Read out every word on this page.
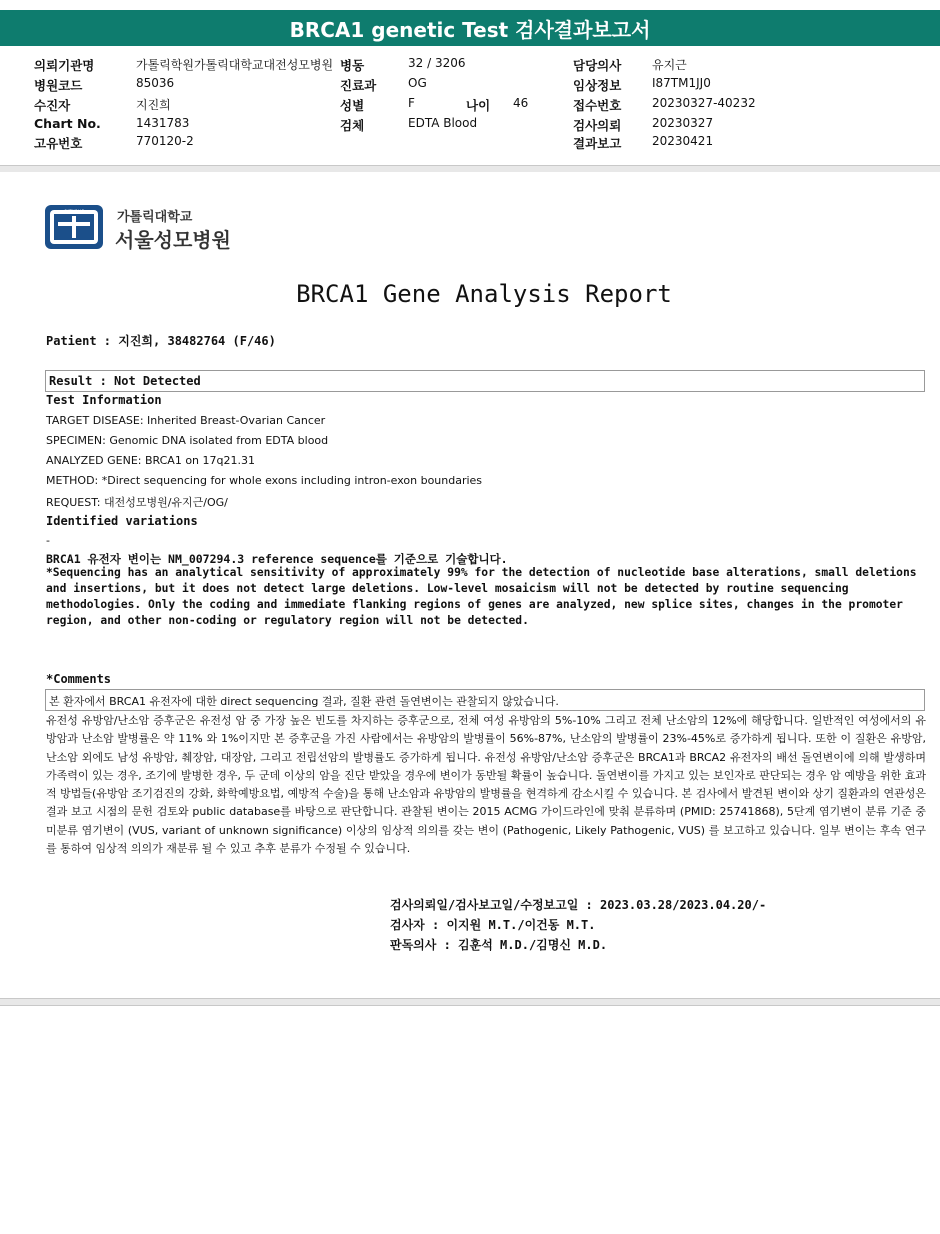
BRCA1 genetic Test 검사결과보고서
의뢰기관명	가톨릭학원가톨릭대학교대전성모병원 병동	32 / 3206	담당의사	유지근
병원코드	85036	진료과	OG	임상정보	I87TM1JJ0
수진자	지진희	성별	F	나이 46	접수번호	20230327-40232
Chart No.	1431783	검체	EDTA Blood	검사의뢰	20230327
고유번호	770120-2	결과보고	20230421
CATHOLIC	가톨릭대학교
서울성모병원
BRCA1 Gene Analysis Report
Patient : 지진희, 38482764 (F/46)
Result : Not Detected
Test Information
TARGET DISEASE: Inherited Breast-Ovarian Cancer
SPECIMEN: Genomic DNA isolated from EDTA blood
ANALYZED GENE: BRCA1 on 17q21.31
METHOD: *Direct sequencing for whole exons including intron-exon boundaries
REQUEST: 대전성모병원/유지근/OG/
Identified variations
-
BRCA1 유전자 변이는 NM_007294.3 reference sequence를 기준으로 기술합니다.
*Sequencing has an analytical sensitivity of approximately 99% for the detection of nucleotide base alterations, small deletions and insertions, but it does not detect large deletions. Low-level mosaicism will not be detected by routine sequencing methodologies. Only the coding and immediate flanking regions of genes are analyzed, new splice sites, changes in the promoter region, and other non-coding or regulatory region will not be detected.
*Comments
본 환자에서 BRCA1 유전자에 대한 direct sequencing 결과, 질환 관련 돌연변이는 관찰되지 않았습니다.
유전성 유방암/난소암 증후군은 유전성 암 중 가장 높은 빈도를 차지하는 증후군으로, 전체 여성 유방암의 5%-10% 그리고 전체 난소암의 12%에 해당합니다. 일반적인 여성에서의 유방암과 난소암 발병률은 약 11% 와 1%이지만 본 증후군을 가진 사람에서는 유방암의 발병률이 56%-87%, 난소암의 발병률이 23%-45%로 증가하게 됩니다. 또한 이 질환은 유방암, 난소암 외에도 남성 유방암, 췌장암, 대장암, 그리고 전립선암의 발병률도 증가하게 됩니다. 유전성 유방암/난소암 증후군은 BRCA1과 BRCA2 유전자의 배선 돌연변이에 의해 발생하며 가족력이 있는 경우, 조기에 발병한 경우, 두 군데 이상의 암을 진단 받았을 경우에 변이가 동반될 확률이 높습니다. 돌연변이를 가지고 있는 보인자로 판단되는 경우 암 예방을 위한 효과적 방법들(유방암 조기검진의 강화, 화학예방요법, 예방적 수술)을 통해 난소암과 유방암의 발병률을 현격하게 감소시킬 수 있습니다. 본 검사에서 발견된 변이와 상기 질환과의 연관성은 결과 보고 시점의 문헌 검토와 public database를 바탕으로 판단합니다. 관찰된 변이는 2015 ACMG 가이드라인에 맞춰 분류하며 (PMID: 25741868), 5단계 염기변이 분류 기준 중 미분류 염기변이 (VUS, variant of unknown significance) 이상의 임상적 의의를 갖는 변이 (Pathogenic, Likely Pathogenic, VUS) 를 보고하고 있습니다. 일부 변이는 후속 연구를 통하여 임상적 의의가 재분류 될 수 있고 추후 분류가 수정될 수 있습니다.
검사의뢰일/검사보고일/수정보고일 : 2023.03.28/2023.04.20/-
검사자 : 이지원 M.T./이건동 M.T.
판독의사 : 김훈석 M.D./김명신 M.D.
